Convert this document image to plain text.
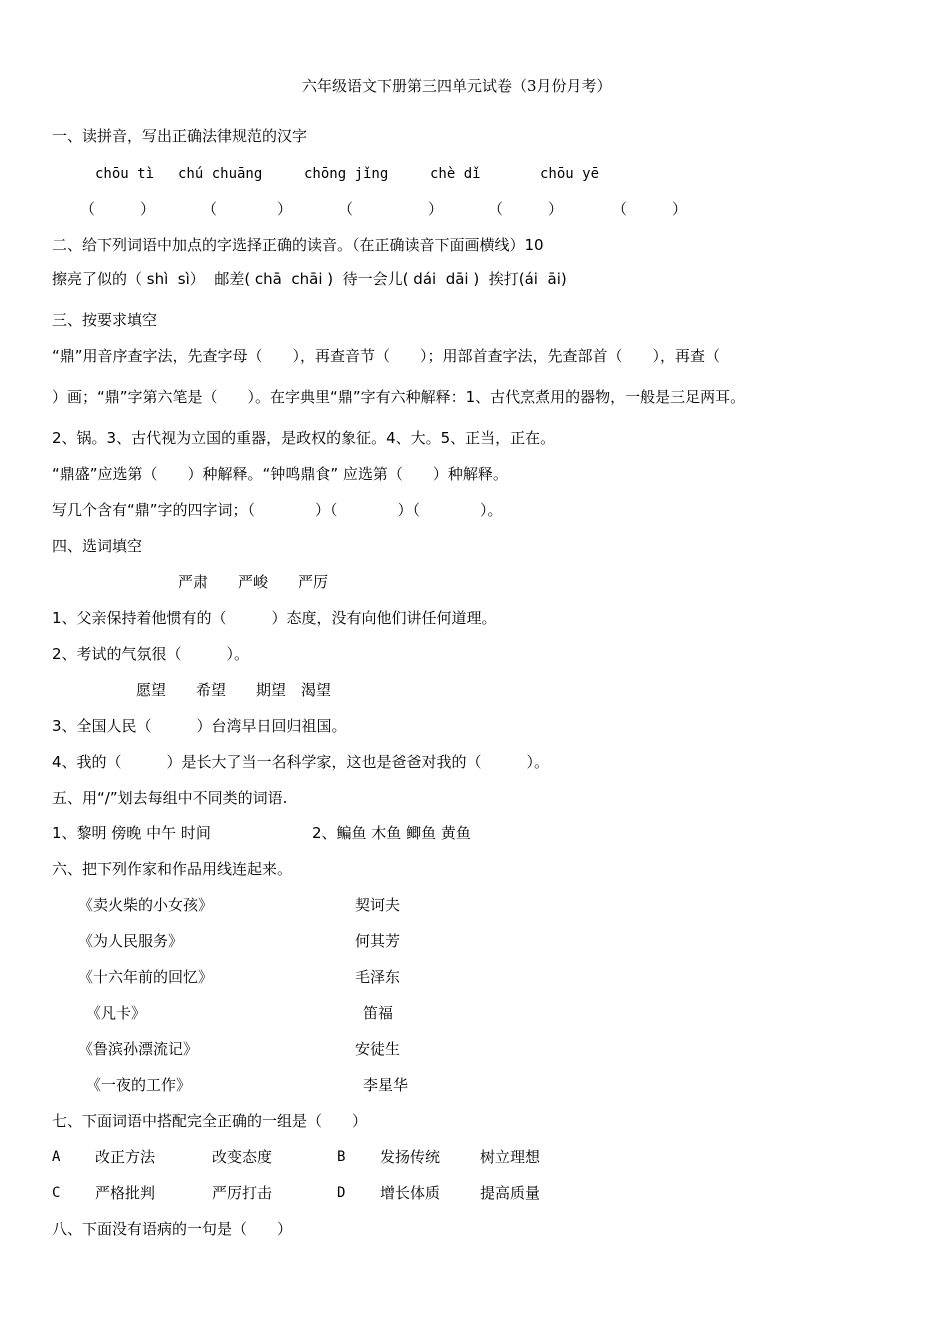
六年级语文下册第三四单元试卷（3月份月考）
一、读拼音，写出正确法律规范的汉字
chōu tì chú chuāng	chōng jǐng	chè dǐ	chōu yē
（　　　）	（　　　　）	（　　　　　）	（　　　）	（　　　）
二、给下列词语中加点的字选择正确的读音。（在正确读音下面画横线）10
擦亮了似的（ shì  sì）  邮差( chā  chāi )  待一会儿( dái  dāi )  挨打(ái  āi)
三、按要求填空
“鼎”用音序查字法，先查字母（　　），再查音节（　　）；用部首查字法，先查部首（　　），再查（
）画；“鼎”字第六笔是（　　）。在字典里“鼎”字有六种解释：1、古代烹煮用的器物，一般是三足两耳。
2、锅。3、古代视为立国的重器，是政权的象征。4、大。5、正当，正在。
“鼎盛”应选第（　　）种解释。“钟鸣鼎食” 应选第（　　）种解释。
写几个含有“鼎”字的四字词；（　　　　）（　　　　）（　　　　）。
四、选词填空
严肃　　严峻　　严厉
1、父亲保持着他惯有的（　　　）态度，没有向他们讲任何道理。
2、考试的气氛很（　　　）。
愿望　　希望　　期望　渴望
3、全国人民（　　　）台湾早日回归祖国。
4、我的（　　　）是长大了当一名科学家，这也是爸爸对我的（　　　）。
五、用“/”划去每组中不同类的词语.
1、黎明 傍晚 中午 时间	2、鳊鱼 木鱼 鲫鱼 黄鱼
六、把下列作家和作品用线连起来。
《卖火柴的小女孩》
《为人民服务》
《十六年前的回忆》
《凡卡》
《鲁滨孙漂流记》
《一夜的工作》
契诃夫
何其芳
毛泽东
笛福
安徒生
李星华
七、下面词语中搭配完全正确的一组是（　　）
A 改正方法	改变态度	B 发扬传统	树立理想
C 严格批判	严厉打击	D 增长体质	提高质量
八、下面没有语病的一句是（　　）
